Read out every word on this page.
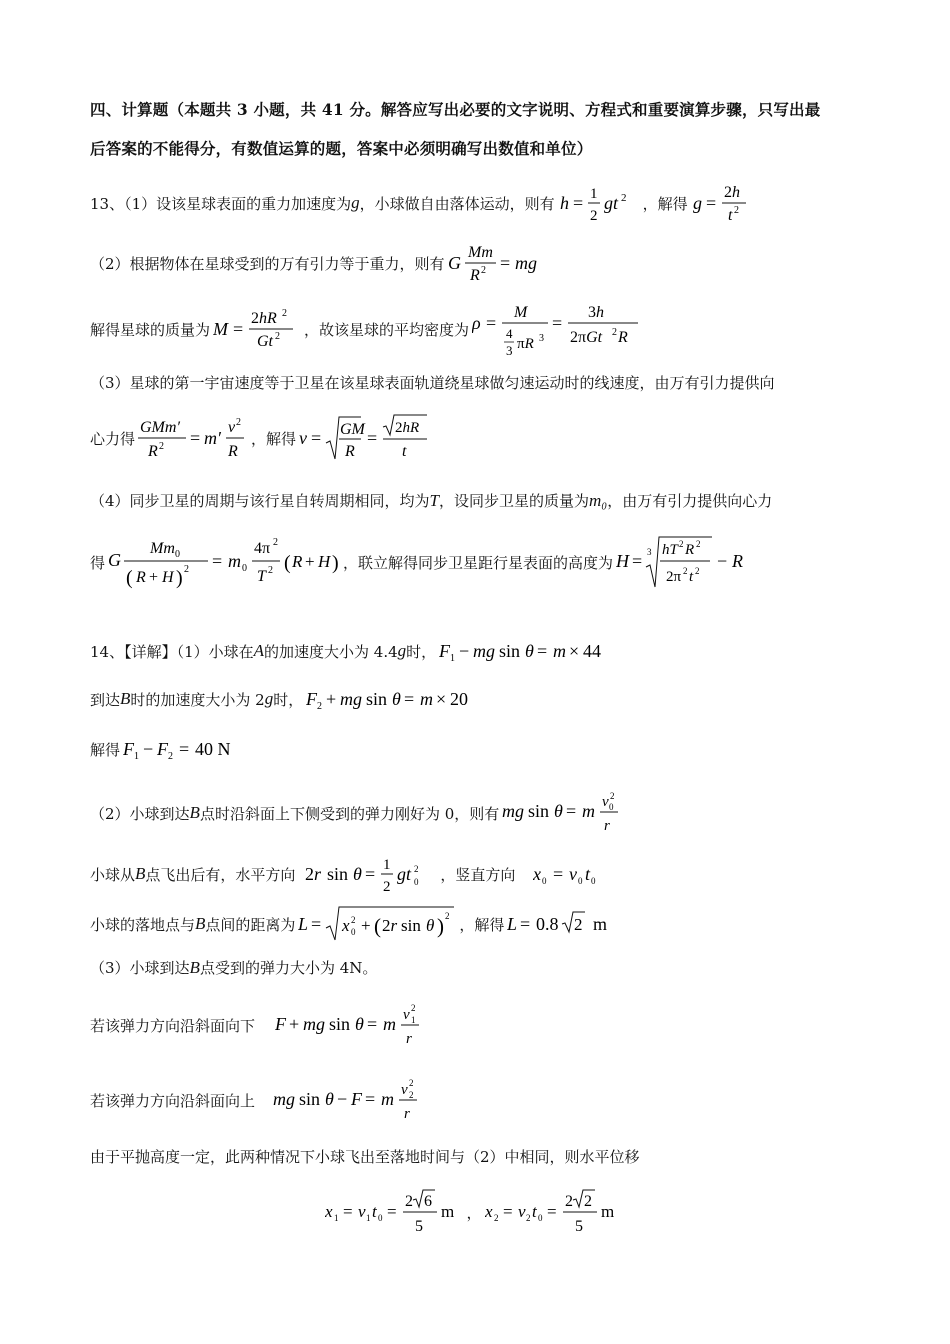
四、计算题（本题共 3 小题，共 41 分。解答应写出必要的文字说明、方程式和重要演算步骤，只写出最
后答案的不能得分，有数值运算的题，答案中必须明确写出数值和单位）
13、（1）设该星球表面的重力加速度为 g ，小球做自由落体运动，则有 h = 1
2
gt 2 ，解得 g =
2h
t 2
（2）根据物体在星球受到的万有引力等于重力，则有 G
Mm
R 2 = mg
解得星球的质量为 M =
2hR 2
Gt 2 ，故该星球的平均密度为 ρ =
M
4
3 πR 3
=
3h
2πGt 2 R
（3）星球的第一宇宙速度等于卫星在该星球表面轨道绕星球做匀速运动时的线速度，由万有引力提供向
心力得
GMm′
R 2 = m′
v 2
R
，解得 v = GM
R
= 2hR
t
（4）同步卫星的周期与该行星自转周期相同，均为 T ，设同步卫星的质量为 m₀ ，由万有引力提供向心力
得 G
Mm 0
( R + H ) 2 = m 0
4π 2
T 2 ( R + H ) ，联立解得同步卫星距行星表面的高度为 H = 3 hT 2 R 2
2π 2 t 2 − R
14、【详解】（1）小球在 A 的加速度大小为 4.4 g 时， F 1 − mg sin θ = m × 44
到达 B 时的加速度大小为 2 g 时， F 2 + mg sin θ = m × 20
解得 F 1 − F 2 = 40 N
（2）小球到达 B 点时沿斜面上下侧受到的弹力刚好为 0，则有 mg sin θ = m v 2
0
r
小球从 B 点飞出后有，水平方向 2r sin θ = 1
2
gt 2
0 ，竖直方向 x 0 = v 0 t 0
小球的落地点与 B 点间的距离为 L = x 2
0 + ( 2r sin θ ) 2 ，解得 L = 0.8 2 m
（3）小球到达 B 点受到的弹力大小为 4N。
若该弹力方向沿斜面向下 F + mg sin θ = m v 2
1
r
若该弹力方向沿斜面向上 mg sin θ − F = m v 2
2
r
由于平抛高度一定，此两种情况下小球飞出至落地时间与（2）中相同，则水平位移
x 1 = v 1 t 0 =
2 6
5
m ， x 2 = v 2 t 0 =
2 2
5
m
